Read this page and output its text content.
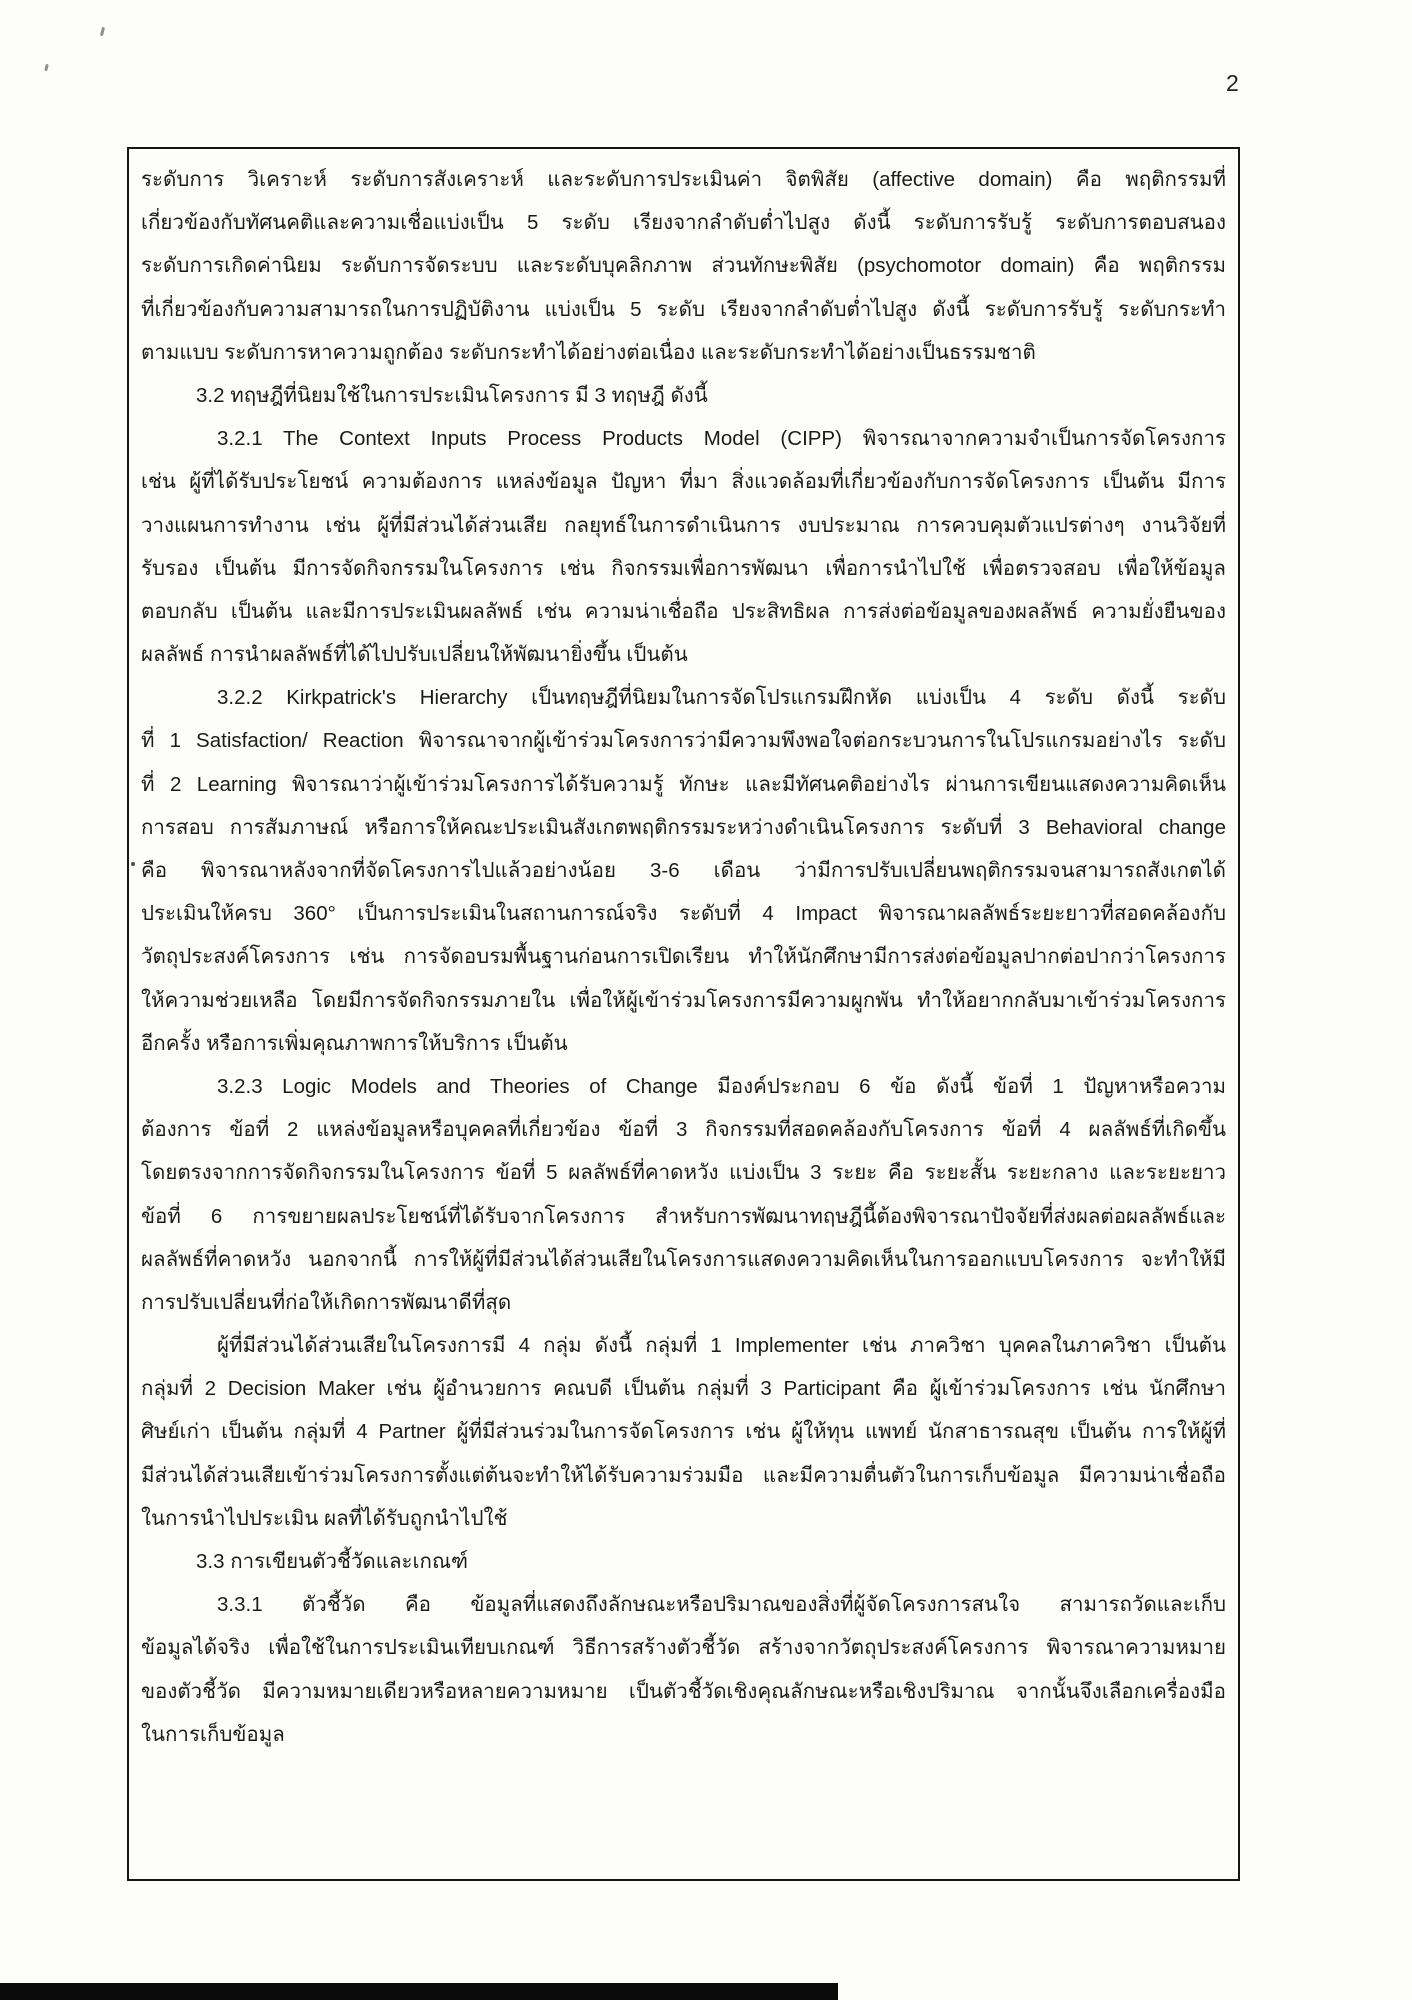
2
ระดับการ วิเคราะห์ ระดับการสังเคราะห์ และระดับการประเมินค่า จิตพิสัย (affective domain) คือ พฤติกรรมที่
เกี่ยวข้องกับทัศนคติและความเชื่อแบ่งเป็น 5 ระดับ เรียงจากลำดับต่ำไปสูง ดังนี้ ระดับการรับรู้ ระดับการตอบสนอง
ระดับการเกิดค่านิยม ระดับการจัดระบบ และระดับบุคลิกภาพ ส่วนทักษะพิสัย (psychomotor domain) คือ พฤติกรรม
ที่เกี่ยวข้องกับความสามารถในการปฏิบัติงาน แบ่งเป็น 5 ระดับ เรียงจากลำดับต่ำไปสูง ดังนี้ ระดับการรับรู้ ระดับกระทำ
ตามแบบ ระดับการหาความถูกต้อง ระดับกระทำได้อย่างต่อเนื่อง และระดับกระทำได้อย่างเป็นธรรมชาติ
3.2 ทฤษฎีที่นิยมใช้ในการประเมินโครงการ มี 3 ทฤษฎี ดังนี้
3.2.1 The Context Inputs Process Products Model (CIPP) พิจารณาจากความจำเป็นการจัดโครงการ
เช่น ผู้ที่ได้รับประโยชน์ ความต้องการ แหล่งข้อมูล ปัญหา ที่มา สิ่งแวดล้อมที่เกี่ยวข้องกับการจัดโครงการ เป็นต้น มีการ
วางแผนการทำงาน เช่น ผู้ที่มีส่วนได้ส่วนเสีย กลยุทธ์ในการดำเนินการ งบประมาณ การควบคุมตัวแปรต่างๆ งานวิจัยที่
รับรอง เป็นต้น มีการจัดกิจกรรมในโครงการ เช่น กิจกรรมเพื่อการพัฒนา เพื่อการนำไปใช้ เพื่อตรวจสอบ เพื่อให้ข้อมูล
ตอบกลับ เป็นต้น และมีการประเมินผลลัพธ์ เช่น ความน่าเชื่อถือ ประสิทธิผล การส่งต่อข้อมูลของผลลัพธ์ ความยั่งยืนของ
ผลลัพธ์ การนำผลลัพธ์ที่ได้ไปปรับเปลี่ยนให้พัฒนายิ่งขึ้น เป็นต้น
3.2.2 Kirkpatrick's Hierarchy เป็นทฤษฎีที่นิยมในการจัดโปรแกรมฝึกหัด แบ่งเป็น 4 ระดับ ดังนี้ ระดับ
ที่ 1 Satisfaction/ Reaction พิจารณาจากผู้เข้าร่วมโครงการว่ามีความพึงพอใจต่อกระบวนการในโปรแกรมอย่างไร ระดับ
ที่ 2 Learning พิจารณาว่าผู้เข้าร่วมโครงการได้รับความรู้ ทักษะ และมีทัศนคติอย่างไร ผ่านการเขียนแสดงความคิดเห็น
การสอบ การสัมภาษณ์ หรือการให้คณะประเมินสังเกตพฤติกรรมระหว่างดำเนินโครงการ ระดับที่ 3 Behavioral change
คือ พิจารณาหลังจากที่จัดโครงการไปแล้วอย่างน้อย 3-6 เดือน ว่ามีการปรับเปลี่ยนพฤติกรรมจนสามารถสังเกตได้
ประเมินให้ครบ 360° เป็นการประเมินในสถานการณ์จริง ระดับที่ 4 Impact พิจารณาผลลัพธ์ระยะยาวที่สอดคล้องกับ
วัตถุประสงค์โครงการ เช่น การจัดอบรมพื้นฐานก่อนการเปิดเรียน ทำให้นักศึกษามีการส่งต่อข้อมูลปากต่อปากว่าโครงการ
ให้ความช่วยเหลือ โดยมีการจัดกิจกรรมภายใน เพื่อให้ผู้เข้าร่วมโครงการมีความผูกพัน ทำให้อยากกลับมาเข้าร่วมโครงการ
อีกครั้ง หรือการเพิ่มคุณภาพการให้บริการ เป็นต้น
3.2.3 Logic Models and Theories of Change มีองค์ประกอบ 6 ข้อ ดังนี้ ข้อที่ 1 ปัญหาหรือความ
ต้องการ ข้อที่ 2 แหล่งข้อมูลหรือบุคคลที่เกี่ยวข้อง ข้อที่ 3 กิจกรรมที่สอดคล้องกับโครงการ ข้อที่ 4 ผลลัพธ์ที่เกิดขึ้น
โดยตรงจากการจัดกิจกรรมในโครงการ ข้อที่ 5 ผลลัพธ์ที่คาดหวัง แบ่งเป็น 3 ระยะ คือ ระยะสั้น ระยะกลาง และระยะยาว
ข้อที่ 6 การขยายผลประโยชน์ที่ได้รับจากโครงการ สำหรับการพัฒนาทฤษฎีนี้ต้องพิจารณาปัจจัยที่ส่งผลต่อผลลัพธ์และ
ผลลัพธ์ที่คาดหวัง นอกจากนี้ การให้ผู้ที่มีส่วนได้ส่วนเสียในโครงการแสดงความคิดเห็นในการออกแบบโครงการ จะทำให้มี
การปรับเปลี่ยนที่ก่อให้เกิดการพัฒนาดีที่สุด
ผู้ที่มีส่วนได้ส่วนเสียในโครงการมี 4 กลุ่ม ดังนี้ กลุ่มที่ 1 Implementer เช่น ภาควิชา บุคคลในภาควิชา เป็นต้น
กลุ่มที่ 2 Decision Maker เช่น ผู้อำนวยการ คณบดี เป็นต้น กลุ่มที่ 3 Participant คือ ผู้เข้าร่วมโครงการ เช่น นักศึกษา
ศิษย์เก่า เป็นต้น กลุ่มที่ 4 Partner ผู้ที่มีส่วนร่วมในการจัดโครงการ เช่น ผู้ให้ทุน แพทย์ นักสาธารณสุข เป็นต้น การให้ผู้ที่
มีส่วนได้ส่วนเสียเข้าร่วมโครงการตั้งแต่ต้นจะทำให้ได้รับความร่วมมือ และมีความตื่นตัวในการเก็บข้อมูล มีความน่าเชื่อถือ
ในการนำไปประเมิน ผลที่ได้รับถูกนำไปใช้
3.3 การเขียนตัวชี้วัดและเกณฑ์
3.3.1 ตัวชี้วัด คือ ข้อมูลที่แสดงถึงลักษณะหรือปริมาณของสิ่งที่ผู้จัดโครงการสนใจ สามารถวัดและเก็บ
ข้อมูลได้จริง เพื่อใช้ในการประเมินเทียบเกณฑ์ วิธีการสร้างตัวชี้วัด สร้างจากวัตถุประสงค์โครงการ พิจารณาความหมาย
ของตัวชี้วัด มีความหมายเดียวหรือหลายความหมาย เป็นตัวชี้วัดเชิงคุณลักษณะหรือเชิงปริมาณ จากนั้นจึงเลือกเครื่องมือ
ในการเก็บข้อมูล
